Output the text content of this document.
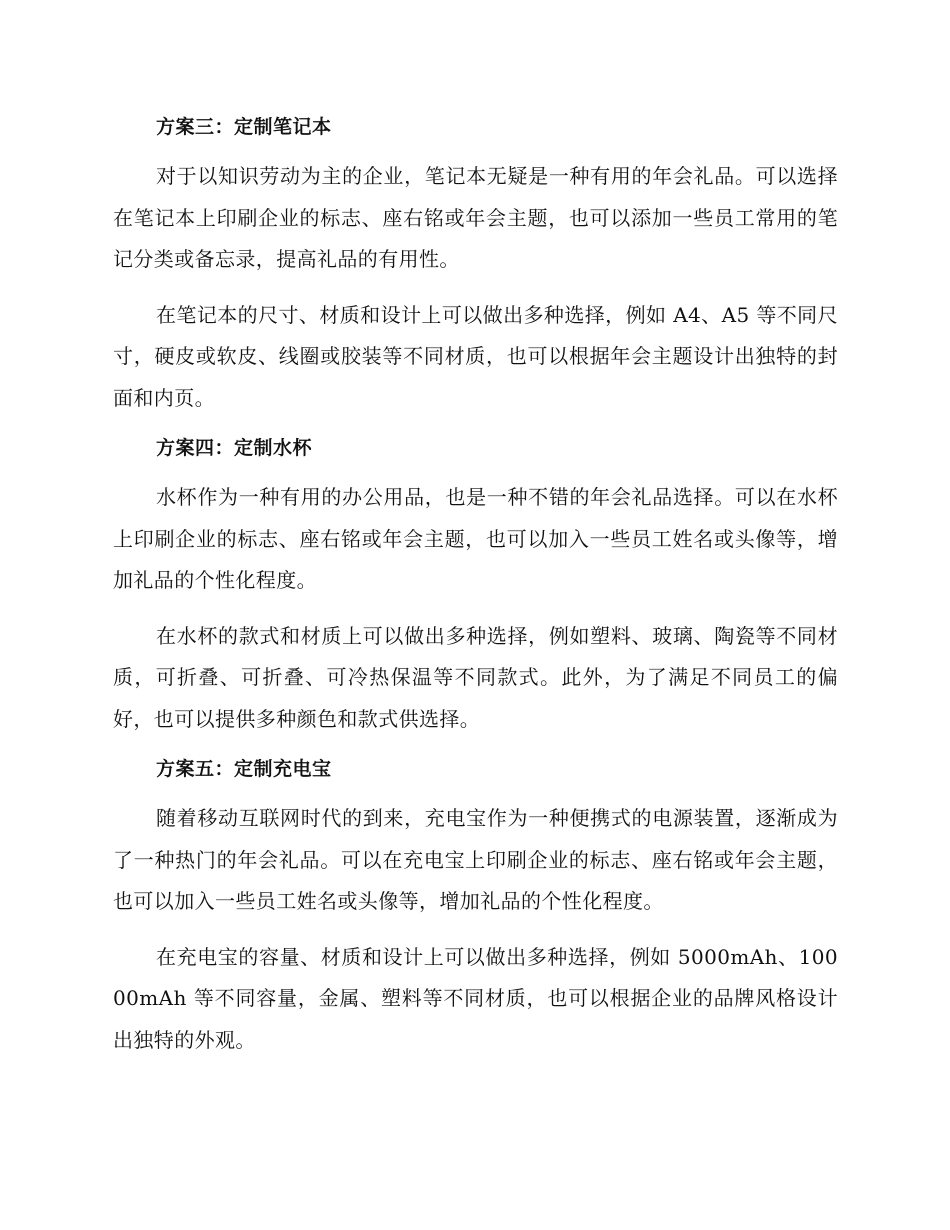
方案三：定制笔记本

对于以知识劳动为主的企业，笔记本无疑是一种有用的年会礼品。可以选择在笔记本上印刷企业的标志、座右铭或年会主题，也可以添加一些员工常用的笔记分类或备忘录，提高礼品的有用性。

在笔记本的尺寸、材质和设计上可以做出多种选择，例如 A4、A5 等不同尺寸，硬皮或软皮、线圈或胶装等不同材质，也可以根据年会主题设计出独特的封面和内页。

方案四：定制水杯

水杯作为一种有用的办公用品，也是一种不错的年会礼品选择。可以在水杯上印刷企业的标志、座右铭或年会主题，也可以加入一些员工姓名或头像等，增加礼品的个性化程度。

在水杯的款式和材质上可以做出多种选择，例如塑料、玻璃、陶瓷等不同材质，可折叠、可折叠、可冷热保温等不同款式。此外，为了满足不同员工的偏好，也可以提供多种颜色和款式供选择。

方案五：定制充电宝

随着移动互联网时代的到来，充电宝作为一种便携式的电源装置，逐渐成为了一种热门的年会礼品。可以在充电宝上印刷企业的标志、座右铭或年会主题，也可以加入一些员工姓名或头像等，增加礼品的个性化程度。

在充电宝的容量、材质和设计上可以做出多种选择，例如 5000mAh、10000mAh 等不同容量，金属、塑料等不同材质，也可以根据企业的品牌风格设计出独特的外观。
